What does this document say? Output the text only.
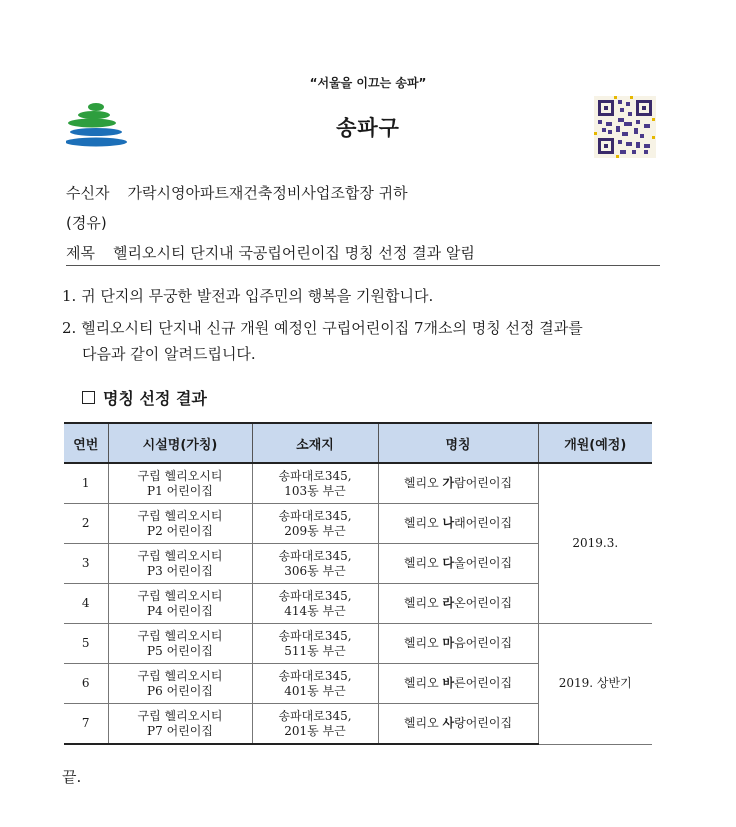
“서울을 이끄는 송파”
송파구
수신자 가락시영아파트재건축정비사업조합장 귀하
(경유)
제목 헬리오시티 단지내 국공립어린이집 명칭 선정 결과 알림
1. 귀 단지의 무궁한 발전과 입주민의 행복을 기원합니다.
2. 헬리오시티 단지내 신규 개원 예정인 구립어린이집 7개소의 명칭 선정 결과를
다음과 같이 알려드립니다.
명칭 선정 결과
연번	시설명(가칭)	소재지	명칭	개원(예정)
1	구립 헬리오시티
P1 어린이집	송파대로345,
103동 부근	헬리오 가람어린이집	2019.3.
2	구립 헬리오시티
P2 어린이집	송파대로345,
209동 부근	헬리오 나래어린이집	
3	구립 헬리오시티
P3 어린이집	송파대로345,
306동 부근	헬리오 다올어린이집	
4	구립 헬리오시티
P4 어린이집	송파대로345,
414동 부근	헬리오 라온어린이집	
5	구립 헬리오시티
P5 어린이집	송파대로345,
511동 부근	헬리오 마음어린이집	2019. 상반기
6	구립 헬리오시티
P6 어린이집	송파대로345,
401동 부근	헬리오 바른어린이집	
7	구립 헬리오시티
P7 어린이집	송파대로345,
201동 부근	헬리오 사랑어린이집	
끝.
